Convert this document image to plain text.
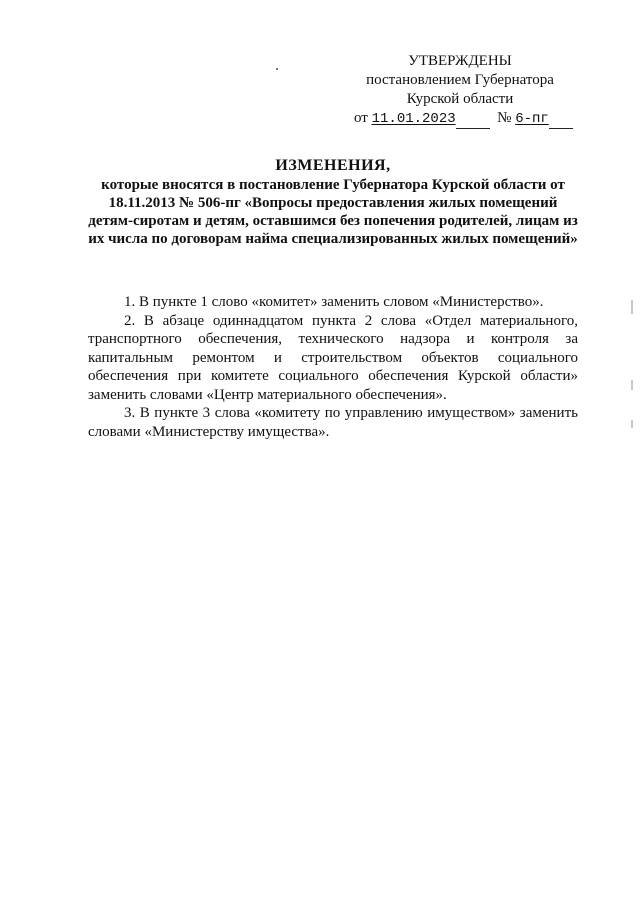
УТВЕРЖДЕНЫ
постановлением Губернатора
Курской области
от 11.01.2023	№ 6-пг
ИЗМЕНЕНИЯ,
которые вносятся в постановление Губернатора Курской области от 18.11.2013 № 506-пг «Вопросы предоставления жилых помещений детям-сиротам и детям, оставшимся без попечения родителей, лицам из их числа по договорам найма специализированных жилых помещений»

1. В пункте 1 слово «комитет» заменить словом «Министерство».

2. В абзаце одиннадцатом пункта 2 слова «Отдел материального, транспортного обеспечения, технического надзора и контроля за капитальным ремонтом и строительством объектов социального обеспечения при комитете социального обеспечения Курской области» заменить словами «Центр материального обеспечения».

3. В пункте 3 слова «комитету по управлению имуществом» заменить словами «Министерству имущества».
